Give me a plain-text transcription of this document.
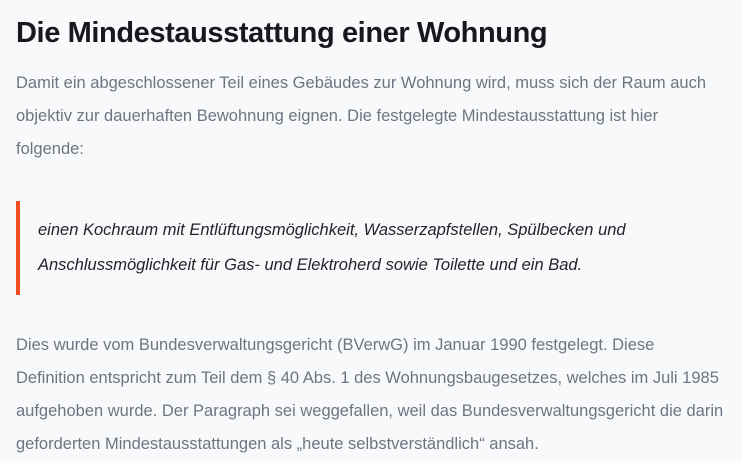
Die Mindestausstattung einer Wohnung

Damit ein abgeschlossener Teil eines Gebäudes zur Wohnung wird, muss sich der Raum auch objektiv zur dauerhaften Bewohnung eignen. Die festgelegte Mindestausstattung ist hier folgende:

einen Kochraum mit Entlüftungsmöglichkeit, Wasserzapfstellen, Spülbecken und Anschlussmöglichkeit für Gas- und Elektroherd sowie Toilette und ein Bad.

Dies wurde vom Bundesverwaltungsgericht (BVerwG) im Januar 1990 festgelegt. Diese Definition entspricht zum Teil dem § 40 Abs. 1 des Wohnungsbaugesetzes, welches im Juli 1985 aufgehoben wurde. Der Paragraph sei weggefallen, weil das Bundesverwaltungsgericht die darin geforderten Mindestausstattungen als „heute selbstverständlich“ ansah.
